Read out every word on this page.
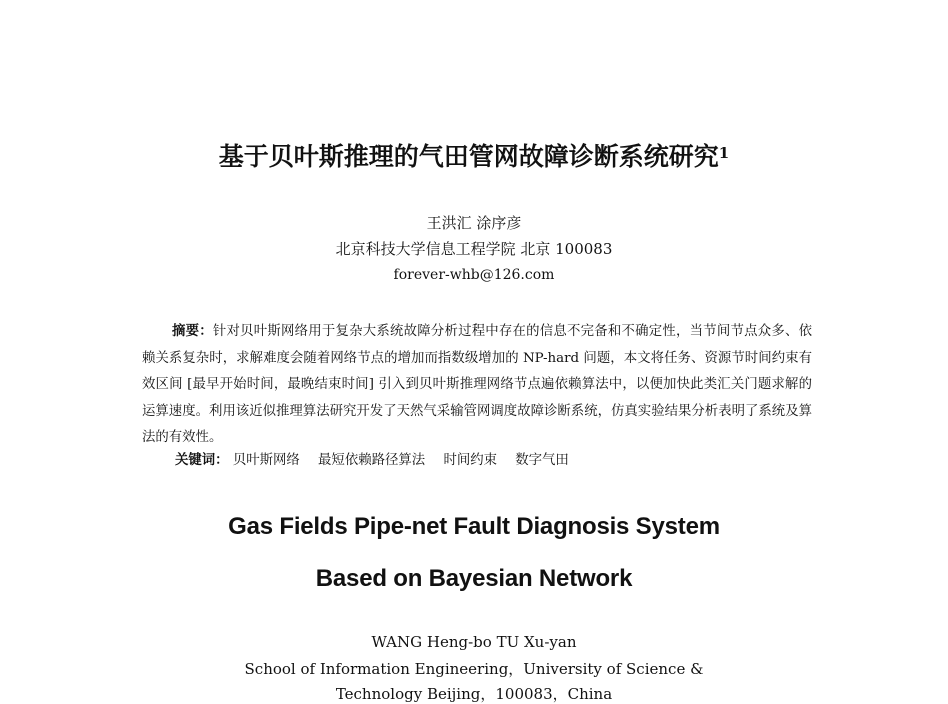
基于贝叶斯推理的气田管网故障诊断系统研究$^1$
王洪汇 涂序彦
北京科技大学信息工程学院 北京 100083
forever-whb@126.com
摘要：针对贝叶斯网络用于复杂大系统故障分析过程中存在的信息不完备和不确定性，当节间节点众多、依赖关系复杂时，求解难度会随着网络节点的增加而指数级增加的 NP-hard 问题，本文将任务、资源节时间约束有效区间 [最早开始时间，最晚结束时间] 引入到贝叶斯推理网络节点遍依赖算法中，以便加快此类汇关门题求解的运算速度。利用该近似推理算法研究开发了天然气采输管网调度故障诊断系统，仿真实验结果分析表明了系统及算法的有效性。
关键词： 贝叶斯网络 最短依赖路径算法 时间约束 数字气田
Gas Fields Pipe-net Fault Diagnosis System
Based on Bayesian Network
WANG Heng-bo TU Xu-yan
School of Information Engineering，University of Science &
Technology Beijing，100083，China
